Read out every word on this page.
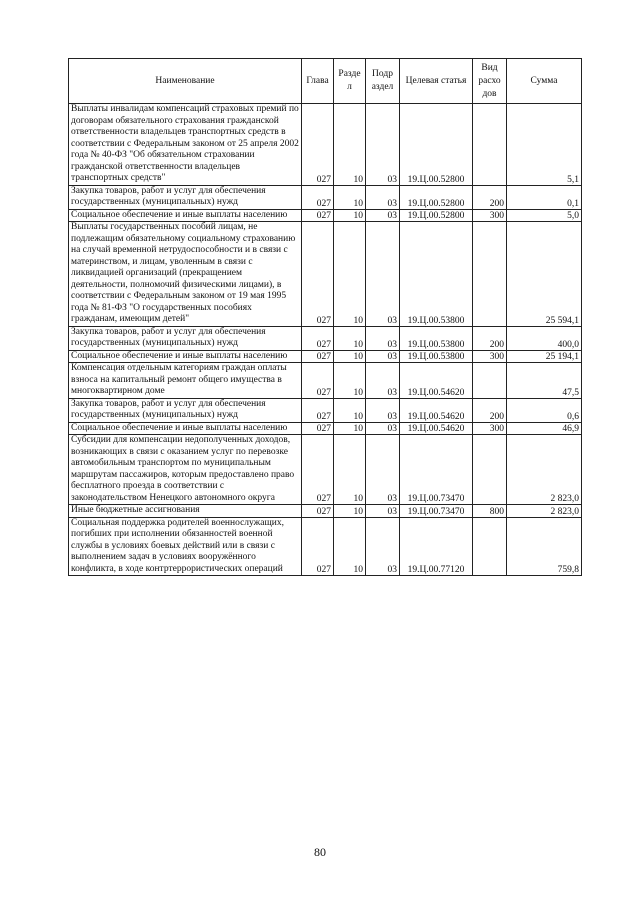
Наименование	Глава	Разде л	Подр аздел	Целевая статья	Вид расхо дов	Сумма
Выплаты инвалидам компенсаций страховых премий по договорам обязательного страхования гражданской ответственности владельцев транспортных средств в соответствии с Федеральным законом от 25 апреля 2002 года № 40-ФЗ "Об обязательном страховании гражданской ответственности владельцев транспортных средств"	027	10	03	19.Ц.00.52800		5,1
Закупка товаров, работ и услуг для обеспечения государственных (муниципальных) нужд	027	10	03	19.Ц.00.52800	200	0,1
Социальное обеспечение и иные выплаты населению	027	10	03	19.Ц.00.52800	300	5,0
Выплаты государственных пособий лицам, не подлежащим обязательному социальному страхованию на случай временной нетрудоспособности и в связи с материнством, и лицам, уволенным в связи с ликвидацией организаций (прекращением деятельности, полномочий физическими лицами), в соответствии с Федеральным законом от 19 мая 1995 года № 81-ФЗ "О государственных пособиях гражданам, имеющим детей"	027	10	03	19.Ц.00.53800		25 594,1
Закупка товаров, работ и услуг для обеспечения государственных (муниципальных) нужд	027	10	03	19.Ц.00.53800	200	400,0
Социальное обеспечение и иные выплаты населению	027	10	03	19.Ц.00.53800	300	25 194,1
Компенсация отдельным категориям граждан оплаты взноса на капитальный ремонт общего имущества в многоквартирном доме	027	10	03	19.Ц.00.54620		47,5
Закупка товаров, работ и услуг для обеспечения государственных (муниципальных) нужд	027	10	03	19.Ц.00.54620	200	0,6
Социальное обеспечение и иные выплаты населению	027	10	03	19.Ц.00.54620	300	46,9
Субсидии для компенсации недополученных доходов, возникающих в связи с оказанием услуг по перевозке автомобильным транспортом по муниципальным маршрутам пассажиров, которым предоставлено право бесплатного проезда в соответствии с законодательством Ненецкого автономного округа	027	10	03	19.Ц.00.73470		2 823,0
Иные бюджетные ассигнования	027	10	03	19.Ц.00.73470	800	2 823,0
Социальная поддержка родителей военнослужащих, погибших при исполнении обязанностей военной службы в условиях боевых действий или в связи с выполнением задач в условиях вооружённого конфликта, в ходе контртеррористических операций	027	10	03	19.Ц.00.77120		759,8
80
